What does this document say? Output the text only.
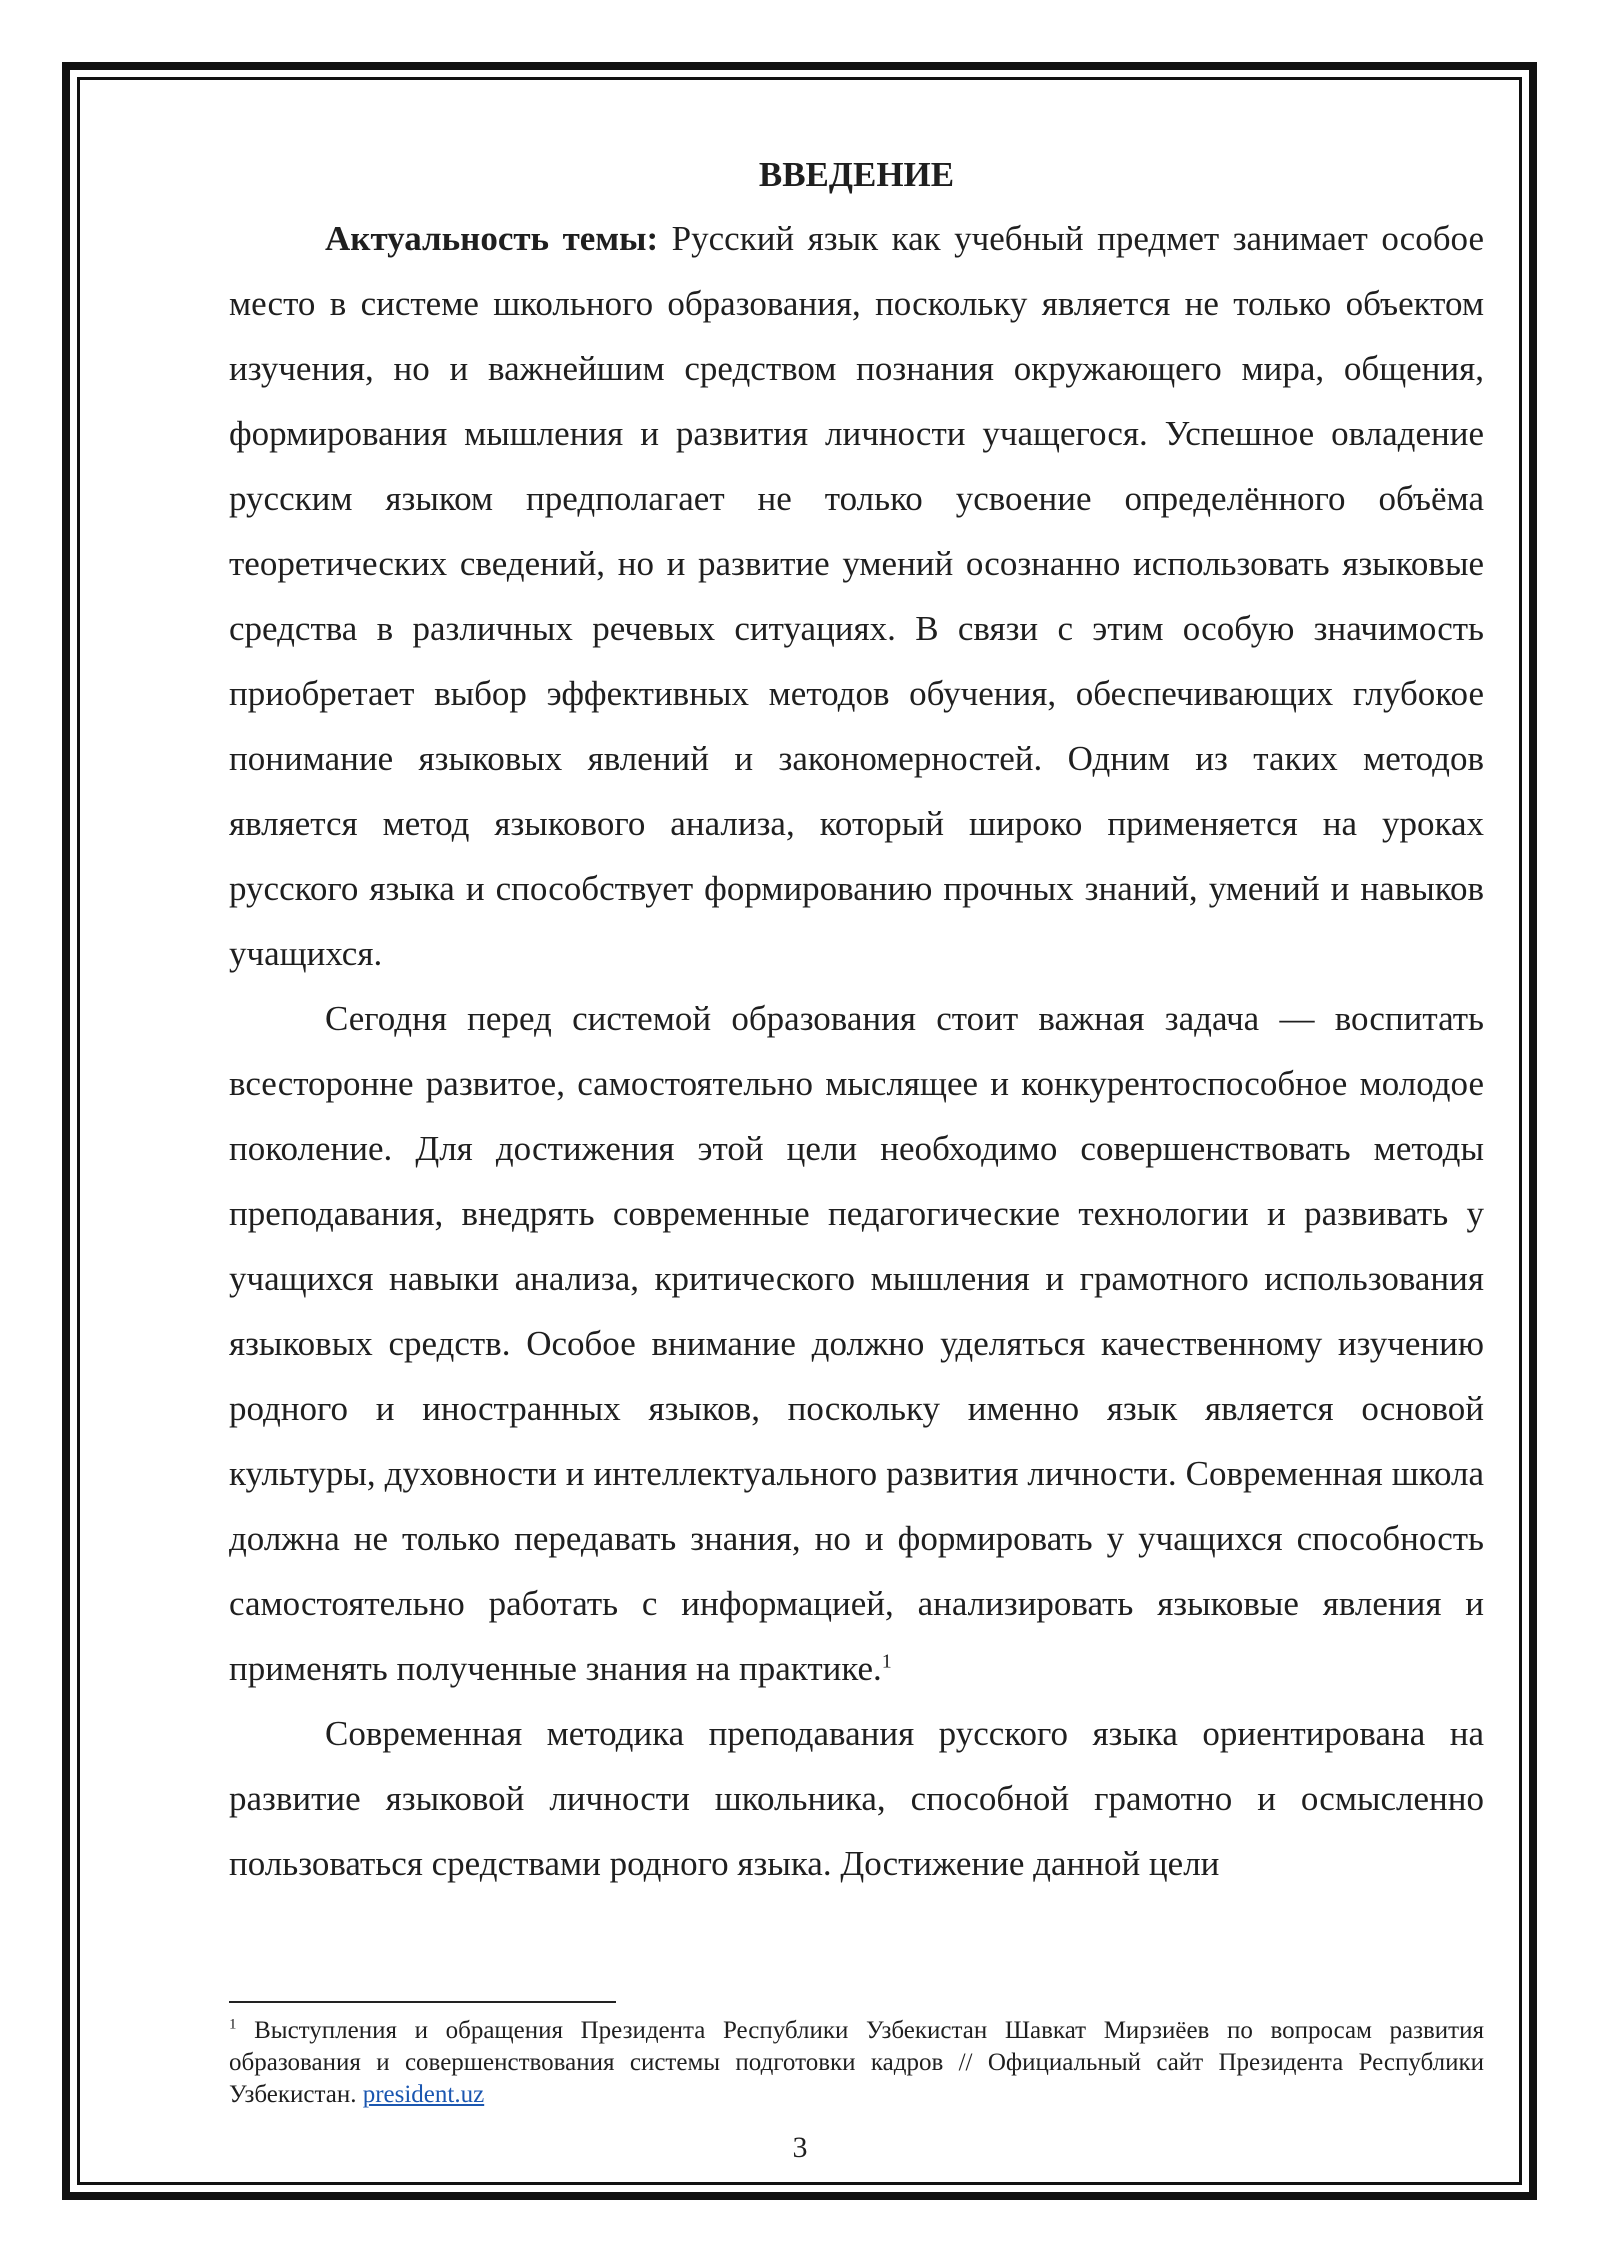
ВВЕДЕНИЕ

Актуальность темы: Русский язык как учебный предмет занимает особое место в системе школьного образования, поскольку является не только объектом изучения, но и важнейшим средством познания окружающего мира, общения, формирования мышления и развития личности учащегося. Успешное овладение русским языком предполагает не только усвоение определённого объёма теоретических сведений, но и развитие умений осознанно использовать языковые средства в различных речевых ситуациях. В связи с этим особую значимость приобретает выбор эффективных методов обучения, обеспечивающих глубокое понимание языковых явлений и закономерностей. Одним из таких методов является метод языкового анализа, который широко применяется на уроках русского языка и способствует формированию прочных знаний, умений и навыков учащихся.

Сегодня перед системой образования стоит важная задача — воспитать всесторонне развитое, самостоятельно мыслящее и конкурентоспособное молодое поколение. Для достижения этой цели необходимо совершенствовать методы преподавания, внедрять современные педагогические технологии и развивать у учащихся навыки анализа, критического мышления и грамотного использования языковых средств. Особое внимание должно уделяться качественному изучению родного и иностранных языков, поскольку именно язык является основой культуры, духовности и интеллектуального развития личности. Современная школа должна не только передавать знания, но и формировать у учащихся способность самостоятельно работать с информацией, анализировать языковые явления и применять полученные знания на практике.$^1$

Современная методика преподавания русского языка ориентирована на развитие языковой личности школьника, способной грамотно и осмысленно пользоваться средствами родного языка. Достижение данной цели

$^1$ Выступления и обращения Президента Республики Узбекистан Шавкат Мирзиёев по вопросам развития образования и совершенствования системы подготовки кадров // Официальный сайт Президента Республики Узбекистан. president.uz

3
